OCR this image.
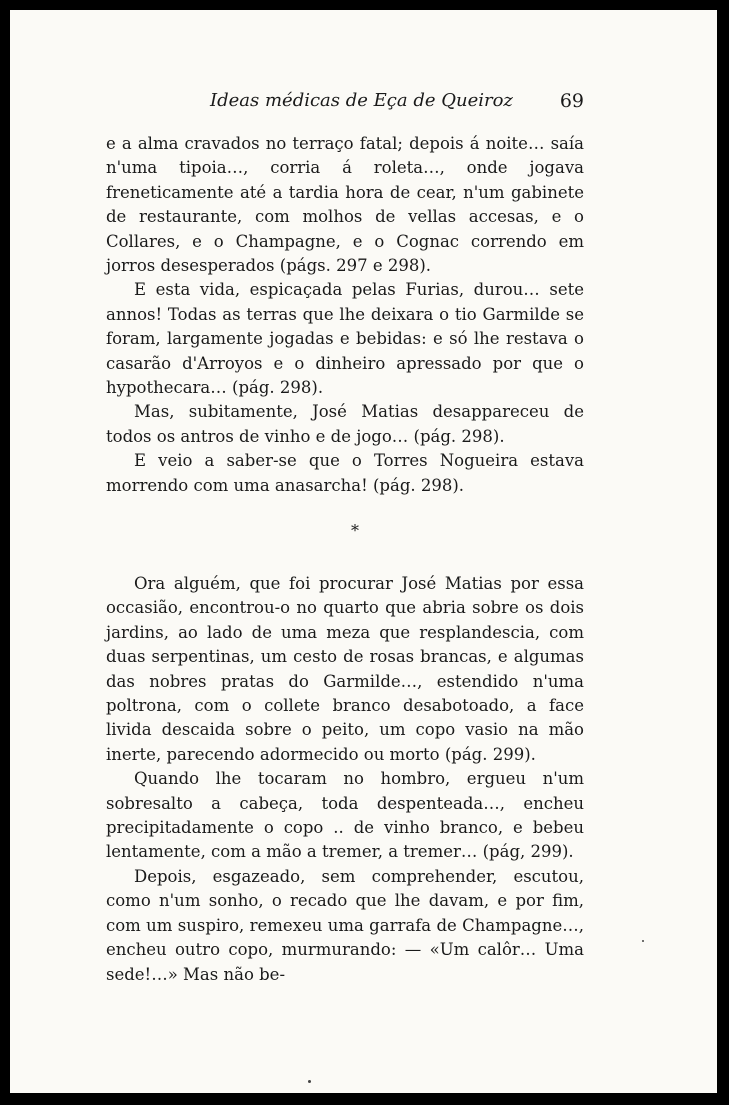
Ideas médicas de Eça de Queiroz 69

e a alma cravados no terraço fatal; depois á noite… saía n'uma tipoia…, corria á roleta…, onde jogava freneticamente até a tardia hora de cear, n'um gabinete de restaurante, com molhos de vellas accesas, e o Collares, e o Champagne, e o Cognac correndo em jorros desesperados (págs. 297 e 298).

E esta vida, espicaçada pelas Furias, durou… sete annos! Todas as terras que lhe deixara o tio Garmilde se foram, largamente jogadas e bebidas: e só lhe restava o casarão d'Arroyos e o dinheiro apressado por que o hypothecara… (pág. 298).

Mas, subitamente, José Matias desappareceu de todos os antros de vinho e de jogo… (pág. 298).

E veio a saber-se que o Torres Nogueira estava morrendo com uma anasarcha! (pág. 298).

*

Ora alguém, que foi procurar José Matias por essa occasião, encontrou-o no quarto que abria sobre os dois jardins, ao lado de uma meza que resplandescia, com duas serpentinas, um cesto de rosas brancas, e algumas das nobres pratas do Garmilde…, estendido n'uma poltrona, com o collete branco desabotoado, a face livida descaida sobre o peito, um copo vasio na mão inerte, parecendo adormecido ou morto (pág. 299).

Quando lhe tocaram no hombro, ergueu n'um sobresalto a cabeça, toda despenteada…, encheu precipitadamente o copo .. de vinho branco, e bebeu lentamente, com a mão a tremer, a tremer… (pág, 299).

Depois, esgazeado, sem comprehender, escutou, como n'um sonho, o recado que lhe davam, e por fim, com um suspiro, remexeu uma garrafa de Champagne…, encheu outro copo, murmurando: — «Um calôr… Uma sede!…» Mas não be-
